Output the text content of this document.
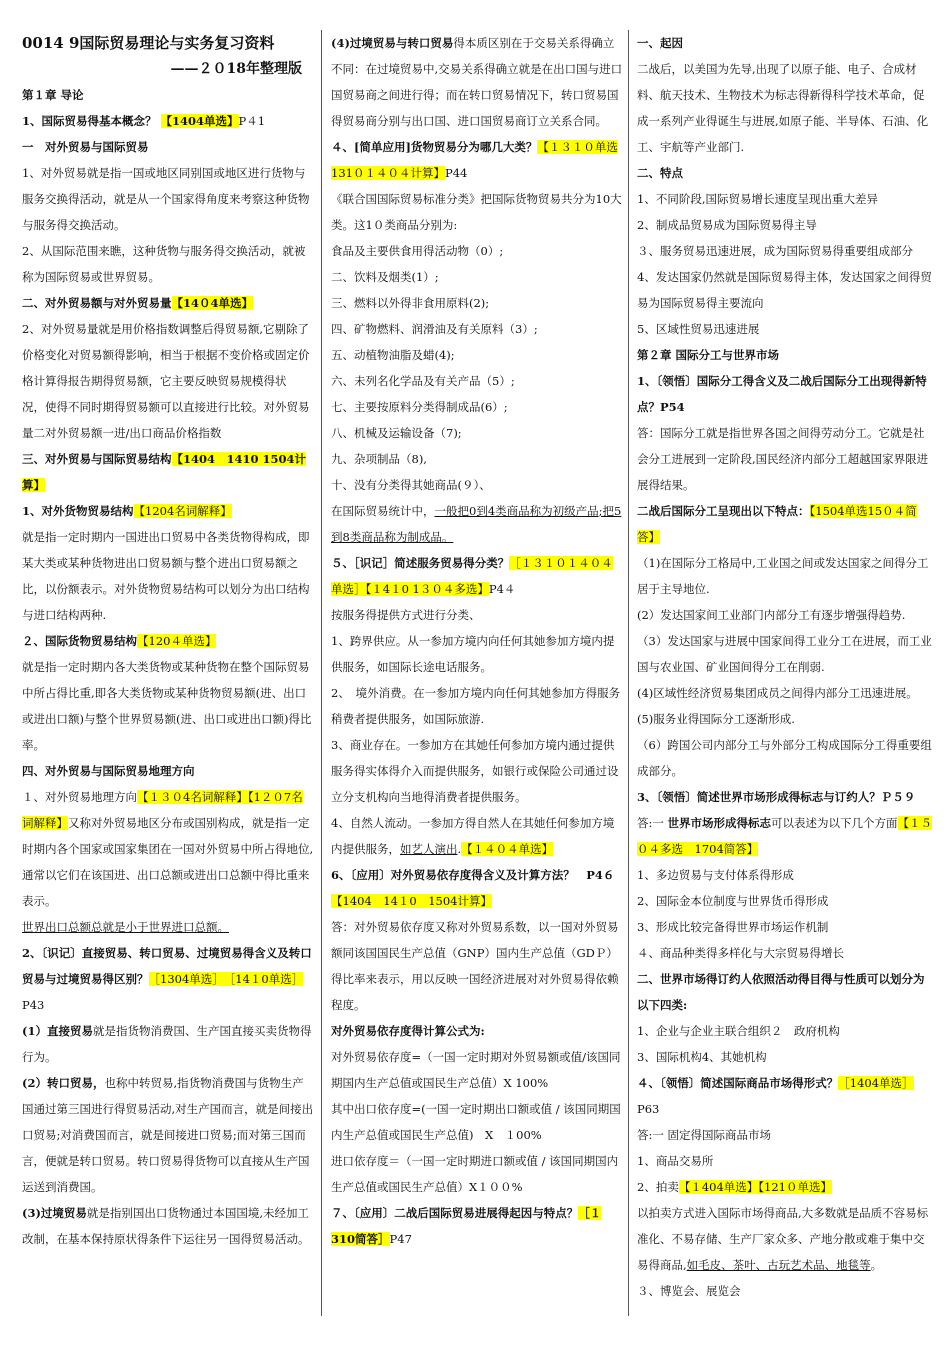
0014 9国际贸易理论与实务复习资料
——２０18年整理版
第１章 导论
1、国际贸易得基本概念？ 【1404单选】P４1
一　对外贸易与国际贸易
1、对外贸易就是指一国或地区同别国或地区进行货物与服务交换得活动，就是从一个国家得角度来考察这种货物与服务得交换活动。
2、从国际范围来瞧，这种货物与服务得交换活动，就被称为国际贸易或世界贸易。
二、对外贸易额与对外贸易量【14０4单选】
2、对外贸易量就是用价格指数调整后得贸易额,它剔除了价格变化对贸易额得影响，相当于根据不变价格或固定价格计算得报告期得贸易额，它主要反映贸易规模得状
况，使得不同时期得贸易额可以直接进行比较。对外贸易量二对外贸易额一进/出口商品价格指数
三、对外贸易与国际贸易结构【1404　1410 1504计算】
1、对外货物贸易结构【1204名词解释】
就是指一定时期内一国进出口贸易中各类货物得构成，即某大类或某种货物进出口贸易额与整个进出口贸易额之比，以份额表示。对外货物贸易结构可以划分为出口结构与进口结构两种.
２、国际货物贸易结构【120４单选】
就是指一定时期内各大类货物或某种货物在整个国际贸易中所占得比重,即各大类货物或某种货物贸易额(进、出口或进出口额)与整个世界贸易额(进、出口或进出口额)得比率。
四、对外贸易与国际贸易地理方向
１、对外贸易地理方向【１３０4名词解释】【1２０7名词解释】又称对外贸易地区分布或国别构成，就是指一定时期内各个国家或国家集团在一国对外贸易中所占得地位,通常以它们在该国进、出口总额或进出口总额中得比重来表示。
世界出口总额总就是小于世界进口总额。
2、〔识记〕直接贸易、转口贸易、过境贸易得含义及转口贸易与过境贸易得区别？［1304单选］　［14１0单选］P43
(1）直接贸易就是指货物消费国、生产国直接买卖货物得行为。
(2）转口贸易，也称中转贸易,指货物消费国与货物生产国通过第三国进行得贸易活动,对生产国而言，就是间接出口贸易;对消费国而言，就是间接进口贸易;而对第三国而言，便就是转口贸易。转口贸易得货物可以直接从生产国运送到消费国。
(3)过境贸易就是指别国出口货物通过本国国境,未经加工改制，在基本保持原状得条件下运往另一国得贸易活动。
(4)过境贸易与转口贸易得本质区别在于交易关系得确立不同：在过境贸易中,交易关系得确立就是在出口国与进口国贸易商之间进行得；而在转口贸易情况下，转口贸易国得贸易商分别与出口国、进口国贸易商订立关系合同。
４、[简单应用]货物贸易分为哪几大类？【１３１０单选131０１４０４计算】P44
《联合国国际贸易标准分类》把国际货物贸易共分为10大类。这1０类商品分别为:
食品及主要供食用得活动物（0）;
二、饮料及烟类(1）;
三、燃料以外得非食用原料(2);
四、矿物燃料、润滑油及有关原料（3）;
五、动植物油脂及蜡(4);
六、未列名化学品及有关产品（5）;
七、主要按原料分类得制成品(6）;
八、机械及运输设备（7);
九、杂项制品（8),
十、没有分类得其她商品(９）、
在国际贸易统计中，一般把0到4类商品称为初级产品;把5到8类商品称为制成品。
５、［识记］简述服务贸易得分类？［１３１０１４０４单选］【１4１0 1３０４多选】P4４
按服务得提供方式进行分类、
1、跨界供应。从一参加方境内向任何其她参加方境内提供服务，如国际长途电话服务。
2、　境外消费。在一参加方境内向任何其她参加方得服务稍费者提供服务，如国际旅游.
3、商业存在。一参加方在其她任何参加方境内通过提供服务得实体得介入而提供服务，如银行或保险公司通过设立分支机构向当地得消费者提供服务。
4、自然人流动。一参加方得自然人在其她任何参加方境内提供服务，如艺人演出.【１４０４单选】
6、〔应用〕对外贸易依存度得含义及计算方法？　P4６【1404　14１0　1504计算】
答：对外贸易依存度又称对外贸易系数，以一国对外贸易额同该国国民生产总值（GNP）国内生产总值（GDＰ）得比率来表示，用以反映一国经济进展对对外贸易得依赖程度。
对外贸易依存度得计算公式为:
对外贸易依存度=（一国一定时期对外贸易额或值/该国同期国内生产总值或国民生产总值）X 100%
其中出口依存度=(一国一定时期出口额或值 / 该国同期国内生产总值或国民生产总值)　X　１00%
进口依存度＝（一国一定时期进口额或值 / 该国同期国内生产总值或国民生产总值）X１００%
７、〔应用〕二战后国际贸易进展得起因与特点？［１310简答］P47
一、起因
二战后，以美国为先导,出现了以原子能、电子、合成材料、航天技术、生物技术为标志得新得科学技术革命，促成一系列产业得诞生与进展,如原子能、半导体、石油、化工、宇航等产业部门.
二、特点
1、不同阶段,国际贸易增长速度呈现出重大差异
2、制成品贸易成为国际贸易得主导
３、服务贸易迅速进展，成为国际贸易得重要组成部分
4、发达国家仍然就是国际贸易得主体，发达国家之间得贸易为国际贸易得主要流向
5、区域性贸易迅速进展
第２章 国际分工与世界市场
1、〔领悟〕国际分工得含义及二战后国际分工出现得新特点？P54
答：国际分工就是指世界各国之间得劳动分工。它就是社会分工进展到一定阶段,国民经济内部分工超越国家界限进展得结果。
二战后国际分工呈现出以下特点：【1504单选15０４简答】
（1)在国际分工格局中,工业国之间或发达国家之间得分工居于主导地位.
(2）发达国家间工业部门内部分工有逐步增强得趋势.
（3）发达国家与进展中国家间得工业分工在进展，而工业国与农业国、矿业国间得分工在削弱.
(4)区域性经济贸易集团成员之间得内部分工迅速进展。
(5)服务业得国际分工逐渐形成.
（6）跨国公司内部分工与外部分工构成国际分工得重要组成部分。
3、〔领悟〕简述世界市场形成得标志与订约人？Ｐ５９
答:一 世界市场形成得标志可以表述为以下几个方面【１５０４多选　1704简答】
1、多边贸易与支付体系得形成
2、国际金本位制度与世界货币得形成
3、形成比较完备得世界市场运作机制
４、商品种类得多样化与大宗贸易得增长
二、世界市场得订约人依照活动得目得与性质可以划分为以下四类:
1、企业与企业主联合组织２　政府机构
3、国际机构4、其她机构
４、〔领悟〕简述国际商品市场得形式？［1404单选］P63
答:一 固定得国际商品市场
1、商品交易所
2、拍卖【１404单选】【121０单选】
以拍卖方式进入国际市场得商品,大多数就是品质不容易标准化、不易存储、生产厂家众多、产地分散或难于集中交易得商品,如毛皮、茶叶、古玩艺术品、地毯等。
３、博览会、展览会
